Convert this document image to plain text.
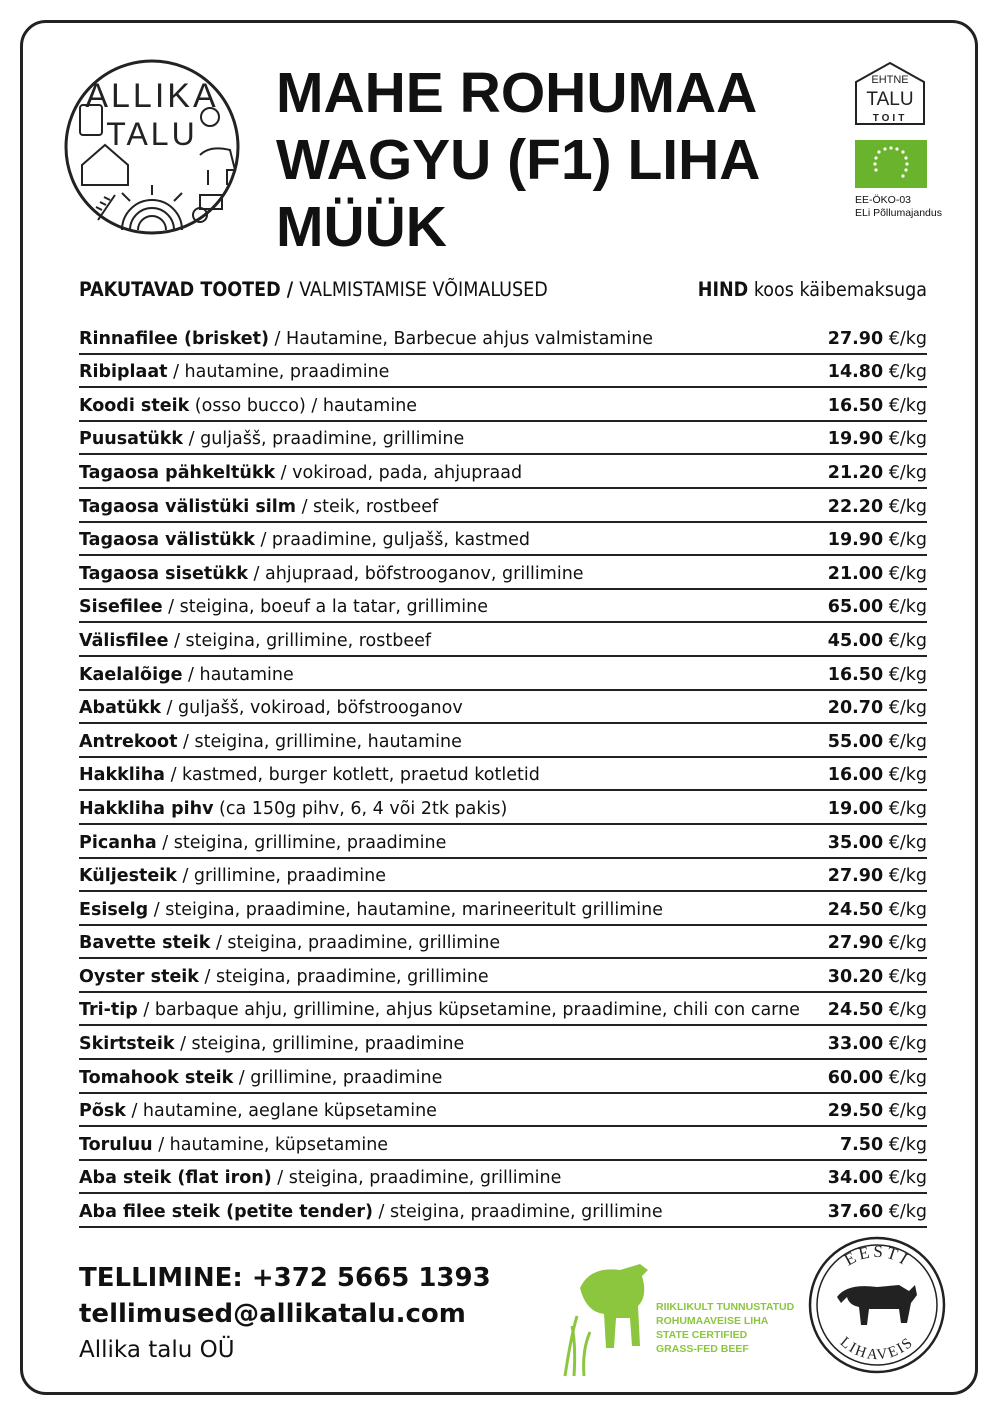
ALLIKA
TALU
MAHE ROHUMAA
WAGYU (F1) LIHA
MÜÜK
EHTNE
TALU
TOIT
EE-ÖKO-03
ELi Põllumajandus
PAKUTAVAD TOOTED / VALMISTAMISE VÕIMALUSED	HIND koos käibemaksuga
Rinnafilee (brisket) / Hautamine, Barbecue ahjus valmistamine	27.90 €/kg
Ribiplaat / hautamine, praadimine	14.80 €/kg
Koodi steik (osso bucco) / hautamine	16.50 €/kg
Puusatükk / guljašš, praadimine, grillimine	19.90 €/kg
Tagaosa pähkeltükk / vokiroad, pada, ahjupraad	21.20 €/kg
Tagaosa välistüki silm / steik, rostbeef	22.20 €/kg
Tagaosa välistükk / praadimine, guljašš, kastmed	19.90 €/kg
Tagaosa sisetükk / ahjupraad, böfstrooganov, grillimine	21.00 €/kg
Sisefilee / steigina, boeuf a la tatar, grillimine	65.00 €/kg
Välisfilee / steigina, grillimine, rostbeef	45.00 €/kg
Kaelalõige / hautamine	16.50 €/kg
Abatükk / guljašš, vokiroad, böfstrooganov	20.70 €/kg
Antrekoot / steigina, grillimine, hautamine	55.00 €/kg
Hakkliha / kastmed, burger kotlett, praetud kotletid	16.00 €/kg
Hakkliha pihv (ca 150g pihv, 6, 4 või 2tk pakis)	19.00 €/kg
Picanha / steigina, grillimine, praadimine	35.00 €/kg
Küljesteik / grillimine, praadimine	27.90 €/kg
Esiselg / steigina, praadimine, hautamine, marineeritult grillimine	24.50 €/kg
Bavette steik / steigina, praadimine, grillimine	27.90 €/kg
Oyster steik / steigina, praadimine, grillimine	30.20 €/kg
Tri-tip / barbaque ahju, grillimine, ahjus küpsetamine, praadimine, chili con carne 24.50 €/kg
Skirtsteik / steigina, grillimine, praadimine	33.00 €/kg
Tomahook steik / grillimine, praadimine	60.00 €/kg
Põsk / hautamine, aeglane küpsetamine	29.50 €/kg
Toruluu / hautamine, küpsetamine	7.50 €/kg
Aba steik (flat iron) / steigina, praadimine, grillimine	34.00 €/kg
Aba filee steik (petite tender) / steigina, praadimine, grillimine	37.60 €/kg
TELLIMINE: +372 5665 1393
tellimused@allikatalu.com
Allika talu OÜ
RIIKLIKULT TUNNUSTATUD
ROHUMAAVEISE LIHA
STATE CERTIFIED
GRASS-FED BEEF
EESTI
LIHAVEIS
